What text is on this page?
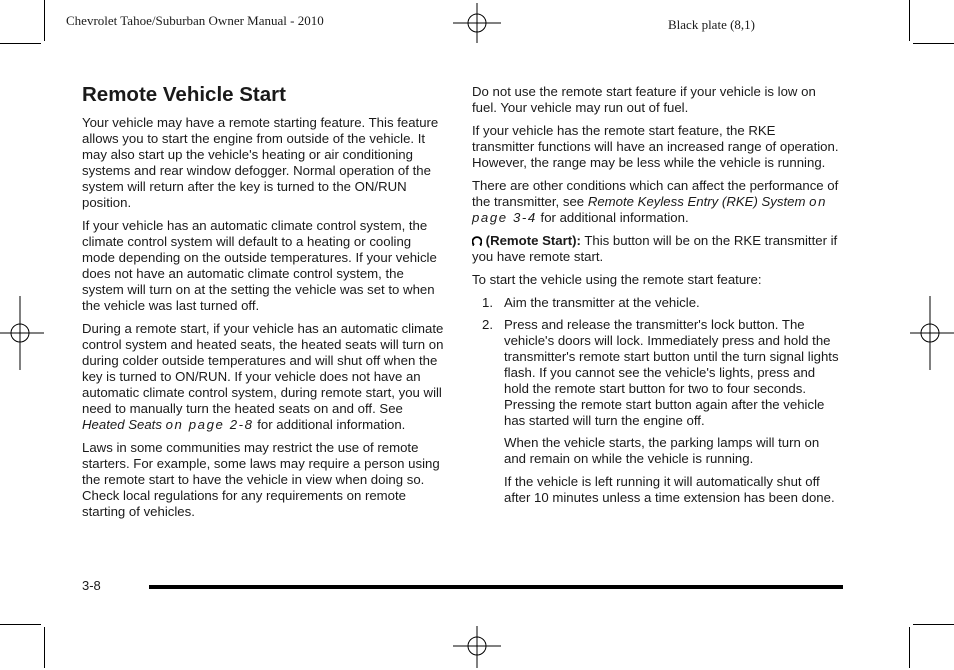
Chevrolet Tahoe/Suburban Owner Manual - 2010	Black plate (8,1)
Remote Vehicle Start

Your vehicle may have a remote starting feature. This feature allows you to start the engine from outside of the vehicle. It may also start up the vehicle's heating or air conditioning systems and rear window defogger. Normal operation of the system will return after the key is turned to the ON/RUN position.

If your vehicle has an automatic climate control system, the climate control system will default to a heating or cooling mode depending on the outside temperatures. If your vehicle does not have an automatic climate control system, the system will turn on at the setting the vehicle was set to when the vehicle was last turned off.

During a remote start, if your vehicle has an automatic climate control system and heated seats, the heated seats will turn on during colder outside temperatures and will shut off when the key is turned to ON/RUN. If your vehicle does not have an automatic climate control system, during remote start, you will need to manually turn the heated seats on and off. See Heated Seats on page 2-8 for additional information.

Laws in some communities may restrict the use of remote starters. For example, some laws may require a person using the remote start to have the vehicle in view when doing so. Check local regulations for any requirements on remote starting of vehicles.

Do not use the remote start feature if your vehicle is low on fuel. Your vehicle may run out of fuel.

If your vehicle has the remote start feature, the RKE transmitter functions will have an increased range of operation. However, the range may be less while the vehicle is running.

There are other conditions which can affect the performance of the transmitter, see Remote Keyless Entry (RKE) System on page 3-4 for additional information.

(Remote Start): This button will be on the RKE transmitter if you have remote start.

To start the vehicle using the remote start feature:

1. Aim the transmitter at the vehicle.
2. Press and release the transmitter's lock button. The vehicle's doors will lock. Immediately press and hold the transmitter's remote start button until the turn signal lights flash. If you cannot see the vehicle's lights, press and hold the remote start button for two to four seconds. Pressing the remote start button again after the vehicle has started will turn the engine off.

When the vehicle starts, the parking lamps will turn on and remain on while the vehicle is running.

If the vehicle is left running it will automatically shut off after 10 minutes unless a time extension has been done.

3-8
